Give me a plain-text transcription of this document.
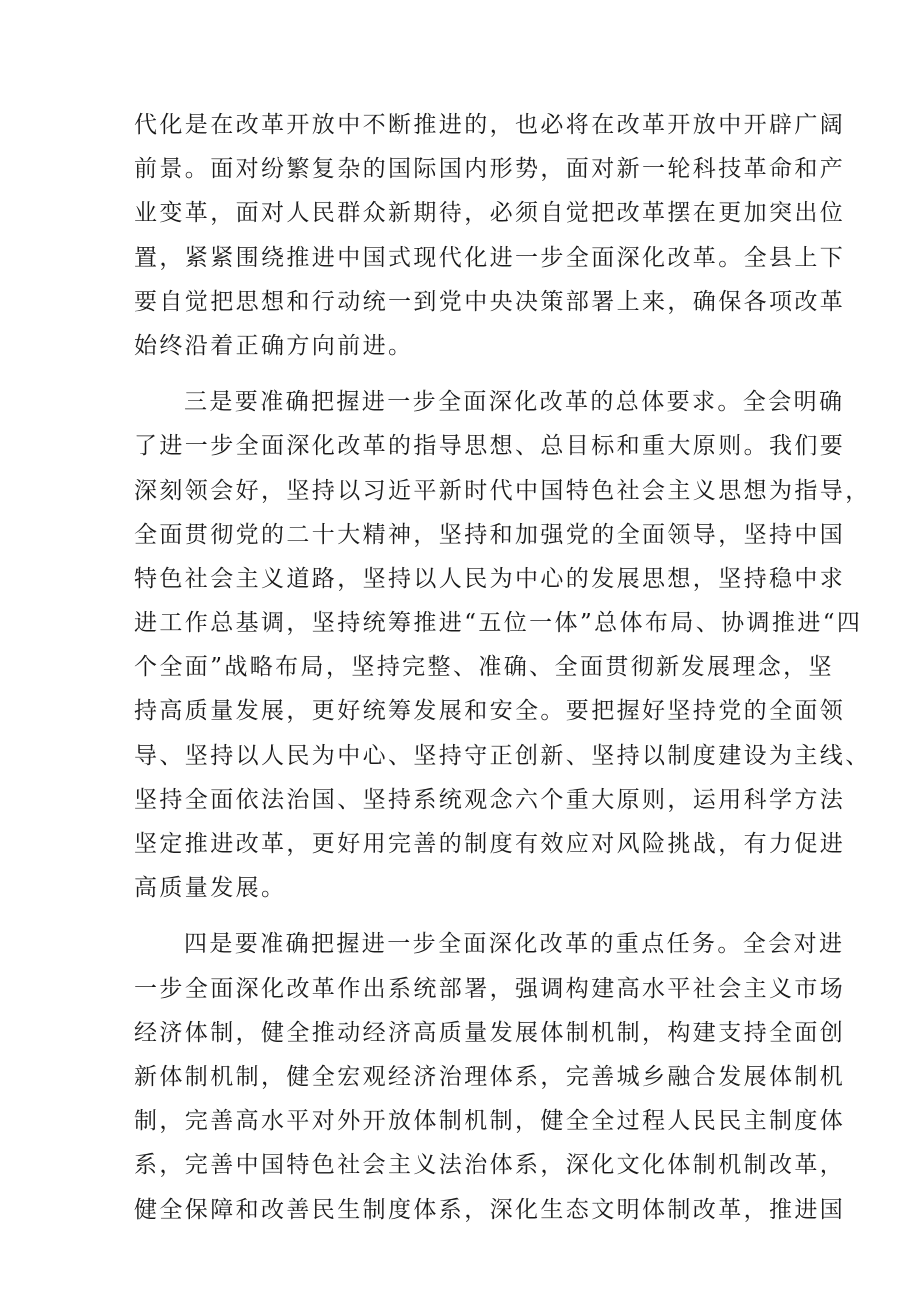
代化是在改革开放中不断推进的，也必将在改革开放中开辟广阔
前景。面对纷繁复杂的国际国内形势，面对新一轮科技革命和产
业变革，面对人民群众新期待，必须自觉把改革摆在更加突出位
置，紧紧围绕推进中国式现代化进一步全面深化改革。全县上下
要自觉把思想和行动统一到党中央决策部署上来，确保各项改革
始终沿着正确方向前进。
三是要准确把握进一步全面深化改革的总体要求。全会明确
了进一步全面深化改革的指导思想、总目标和重大原则。我们要
深刻领会好，坚持以习近平新时代中国特色社会主义思想为指导，
全面贯彻党的二十大精神，坚持和加强党的全面领导，坚持中国
特色社会主义道路，坚持以人民为中心的发展思想，坚持稳中求
进工作总基调，坚持统筹推进“五位一体”总体布局、协调推进“四
个全面”战略布局，坚持完整、准确、全面贯彻新发展理念，坚
持高质量发展，更好统筹发展和安全。要把握好坚持党的全面领
导、坚持以人民为中心、坚持守正创新、坚持以制度建设为主线、
坚持全面依法治国、坚持系统观念六个重大原则，运用科学方法
坚定推进改革，更好用完善的制度有效应对风险挑战，有力促进
高质量发展。
四是要准确把握进一步全面深化改革的重点任务。全会对进
一步全面深化改革作出系统部署，强调构建高水平社会主义市场
经济体制，健全推动经济高质量发展体制机制，构建支持全面创
新体制机制，健全宏观经济治理体系，完善城乡融合发展体制机
制，完善高水平对外开放体制机制，健全全过程人民民主制度体
系，完善中国特色社会主义法治体系，深化文化体制机制改革，
健全保障和改善民生制度体系，深化生态文明体制改革，推进国
